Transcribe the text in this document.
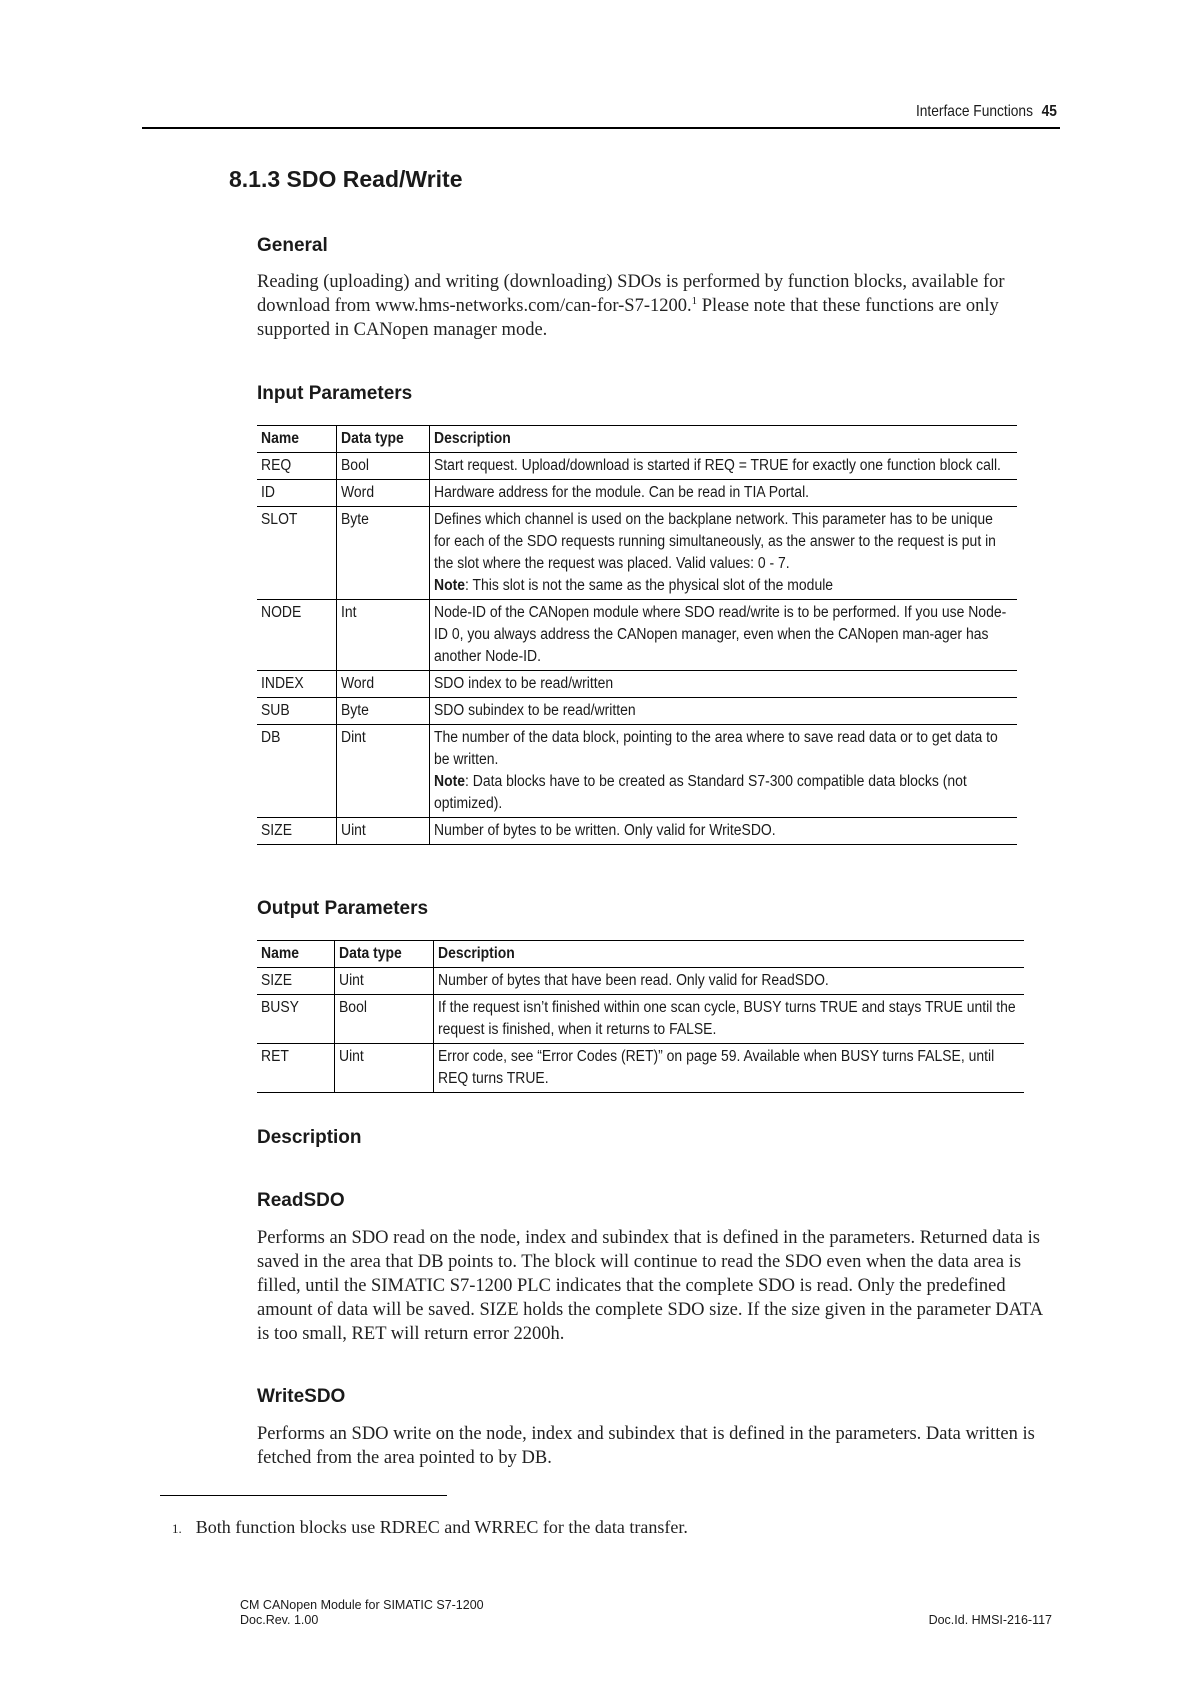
Interface Functions 45
8.1.3 SDO Read/Write
General

Reading (uploading) and writing (downloading) SDOs is performed by function blocks, available for download from www.hms-networks.com/can-for-S7-1200.$^1$ Please note that these functions are only supported in CANopen manager mode.

Input Parameters
Name	Data type	Description

REQ	Bool	Start request. Upload/download is started if REQ = TRUE for exactly one function block call.

ID	Word	Hardware address for the module. Can be read in TIA Portal.

SLOT	Byte	Defines which channel is used on the backplane network. This parameter has to be unique for each of the SDO requests running simultaneously, as the answer to the request is put in the slot where the request was placed. Valid values: 0 - 7.
Note: This slot is not the same as the physical slot of the module

NODE	Int	Node-ID of the CANopen module where SDO read/write is to be performed. If you use Node-ID 0, you always address the CANopen manager, even when the CANopen man-ager has another Node-ID.

INDEX	Word	SDO index to be read/written

SUB	Byte	SDO subindex to be read/written

DB	Dint	The number of the data block, pointing to the area where to save read data or to get data to be written.
Note: Data blocks have to be created as Standard S7-300 compatible data blocks (not optimized).

SIZE	Uint	Number of bytes to be written. Only valid for WriteSDO.
Output Parameters
Name	Data type	Description

SIZE	Uint	Number of bytes that have been read. Only valid for ReadSDO.

BUSY	Bool	If the request isn’t finished within one scan cycle, BUSY turns TRUE and stays TRUE until the request is finished, when it returns to FALSE.

RET	Uint	Error code, see “Error Codes (RET)” on page 59. Available when BUSY turns FALSE, until REQ turns TRUE.
Description
ReadSDO

Performs an SDO read on the node, index and subindex that is defined in the parameters. Returned data is saved in the area that DB points to. The block will continue to read the SDO even when the data area is filled, until the SIMATIC S7-1200 PLC indicates that the complete SDO is read. Only the predefined amount of data will be saved. SIZE holds the complete SDO size. If the size given in the parameter DATA is too small, RET will return error 2200h.

WriteSDO

Performs an SDO write on the node, index and subindex that is defined in the parameters. Data written is fetched from the area pointed to by DB.

1. Both function blocks use RDREC and WRREC for the data transfer.
CM CANopen Module for SIMATIC S7-1200
Doc.Rev. 1.00	Doc.Id. HMSI-216-117
